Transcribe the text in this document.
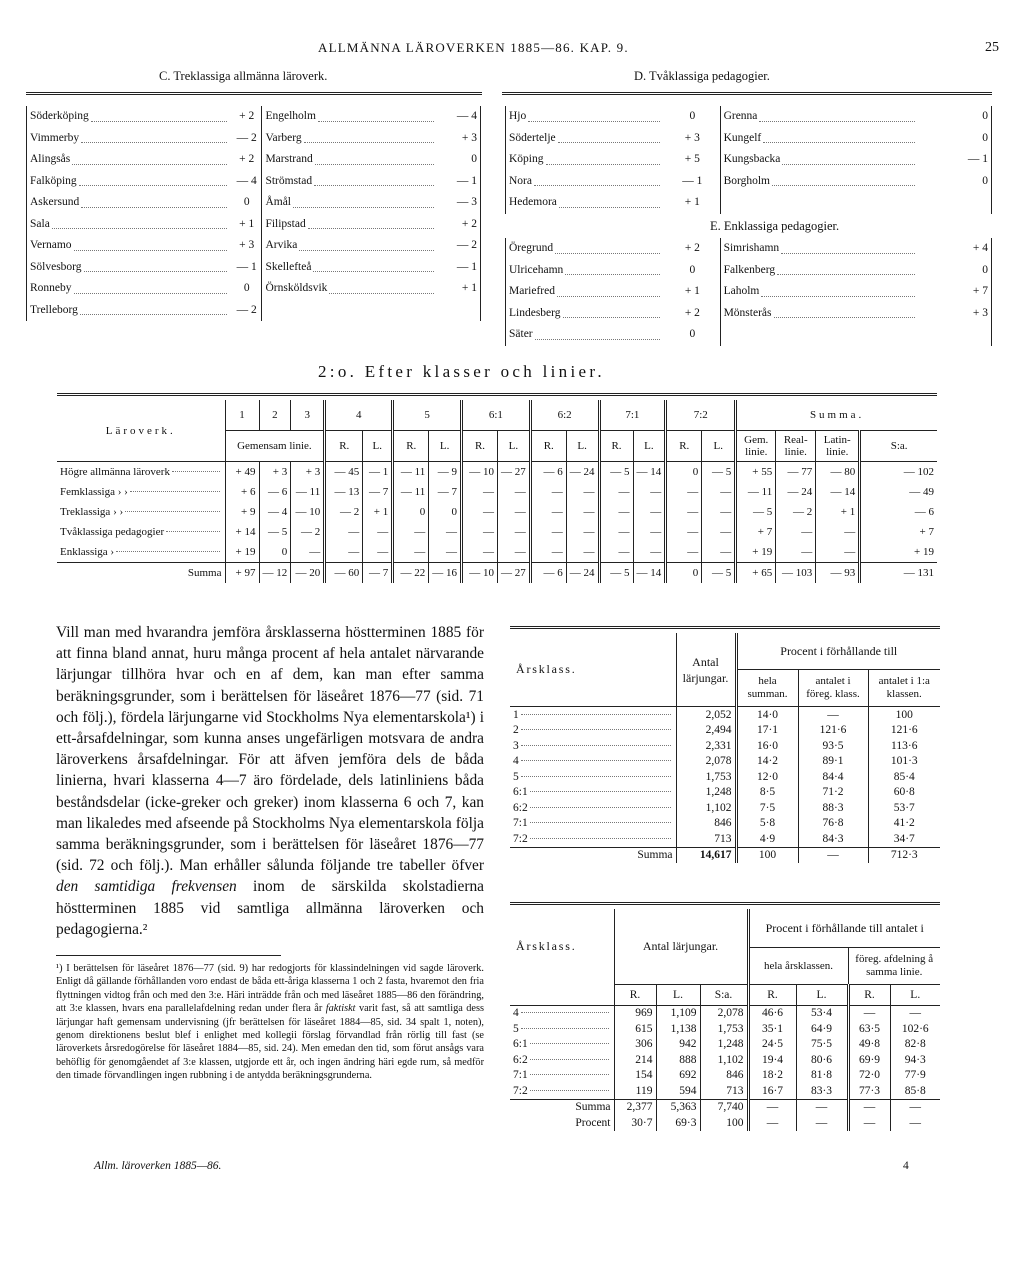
ALLMÄNNA LÄROVERKEN 1885—86. KAP. 9.	25
C. Treklassiga allmänna läroverk.
Söderköping	+ 2	Engelholm	— 4

Vimmerby	— 2	Varberg	+ 3

Alingsås	+ 2	Marstrand	0

Falköping	— 4	Strömstad	— 1

Askersund	0	Åmål	— 3

Sala	+ 1	Filipstad	+ 2

Vernamo	+ 3	Arvika	— 2

Sölvesborg	— 1	Skellefteå	— 1

Ronneby	0	Örnsköldsvik	+ 1

Trelleborg	— 2		
D. Tvåklassiga pedagogier.
Hjo	0	Grenna	0

Södertelje	+ 3	Kungelf	0

Köping	+ 5	Kungsbacka	— 1

Nora	— 1	Borgholm	0

Hedemora	+ 1		
E. Enklassiga pedagogier.
Öregrund	+ 2	Simrishamn	+ 4

Ulricehamn	0	Falkenberg	0

Mariefred	+ 1	Laholm	+ 7

Lindesberg	+ 2	Mönsterås	+ 3

Säter	0		
2:o. Efter klasser och linier.
Läroverk.	1	2	3	4		5		6:1		6:2		7:1		7:2		Summa.			
	Gemensam linie.			R.	L.	R.	L.	R.	L.	R.	L.	R.	L.	R.	L.	Gem. linie.	Real-linie.	Latin-linie.	S:a.

Högre allmänna läroverk	+ 49	+ 3	+ 3	— 45	— 1	— 11	— 9	— 10	— 27	— 6	— 24	— 5	— 14	0	— 5	+ 55	— 77	— 80	— 102

Femklassiga › ›	+ 6	— 6	— 11	— 13	— 7	— 11	— 7	—	—	—	—	—	—	—	—	— 11	— 24	— 14	— 49

Treklassiga › ›	+ 9	— 4	— 10	— 2	+ 1	0	0	—	—	—	—	—	—	—	—	— 5	— 2	+ 1	— 6

Tvåklassiga pedagogier	+ 14	— 5	— 2	—	—	—	—	—	—	—	—	—	—	—	—	+ 7	—	—	+ 7

Enklassiga ›	+ 19	0	—	—	—	—	—	—	—	—	—	—	—	—	—	+ 19	—	—	+ 19
Summa	+ 97	— 12	— 20	— 60	— 7	— 22	— 16	— 10	— 27	— 6	— 24	— 5	— 14	0	— 5	+ 65	— 103	— 93	— 131
Vill man med hvarandra jemföra årsklasserna höstterminen 1885 för att finna bland annat, huru många procent af hela antalet närvarande lärjungar tillhöra hvar och en af dem, kan man efter samma beräkningsgrunder, som i berättelsen för läseåret 1876—77 (sid. 71 och följ.), fördela lärjungarne vid Stockholms Nya elementarskola¹) i ett-årsafdelningar, som kunna anses ungefärligen motsvara de andra läroverkens årsafdelningar. För att äfven jemföra dels de båda linierna, hvari klasserna 4—7 äro fördelade, dels latinliniens båda beståndsdelar (icke-greker och greker) inom klasserna 6 och 7, kan man likaledes med afseende på Stockholms Nya elementarskola följa samma beräkningsgrunder, som i berättelsen för läseåret 1876—77 (sid. 72 och följ.). Man erhåller sålunda följande tre tabeller öfver den samtidiga frekvensen inom de särskilda skolstadierna höstterminen 1885 vid samtliga allmänna läroverken och pedagogierna.²
¹) I berättelsen för läseåret 1876—77 (sid. 9) har redogjorts för klassindelningen vid sagde läroverk. Enligt då gällande förhållanden voro endast de båda ett-åriga klasserna 1 och 2 fasta, hvaremot den fria flyttningen vidtog från och med den 3:e. Häri inträdde från och med läseåret 1885—86 den förändring, att 3:e klassen, hvars ena parallelafdelning redan under flera år faktiskt varit fast, så att samtliga dess lärjungar haft gemensam undervisning (jfr berättelsen för läseåret 1884—85, sid. 34 spalt 1, noten), genom direktionens beslut blef i enlighet med kollegii förslag förvandlad från rörlig till fast (se läroverkets årsredogörelse för läseåret 1884—85, sid. 24). Men emedan den tid, som förut ansågs vara behöflig för genomgåendet af 3:e klassen, utgjorde ett år, och ingen ändring häri egde rum, så medför den timade förvandlingen ingen rubbning i de antydda beräkningsgrunderna.
Allm. läroverken 1885—86.	4

Årsklass.	Antal lärjungar.	Procent i förhållande till		
		hela summan.	antalet i föreg. klass.	antalet i 1:a klassen.

1	2,052	14·0	—	100

2	2,494	17·1	121·6	121·6

3	2,331	16·0	93·5	113·6

4	2,078	14·2	89·1	101·3

5	1,753	12·0	84·4	85·4

6:1	1,248	8·5	71·2	60·8

6:2	1,102	7·5	88·3	53·7

7:1	846	5·8	76·8	41·2

7:2	713	4·9	84·3	34·7
Summa	14,617	100	—	712·3

Årsklass.	Antal lärjungar.			Procent i förhållande till antalet i			
				hela årsklassen.		föreg. afdelning å samma linie.	
	R.	L.	S:a.	R.	L.	R.	L.

4	969	1,109	2,078	46·6	53·4	—	—

5	615	1,138	1,753	35·1	64·9	63·5	102·6

6:1	306	942	1,248	24·5	75·5	49·8	82·8

6:2	214	888	1,102	19·4	80·6	69·9	94·3

7:1	154	692	846	18·2	81·8	72·0	77·9

7:2	119	594	713	16·7	83·3	77·3	85·8
Summa	2,377	5,363	7,740	—	—	—	—
Procent	30·7	69·3	100	—	—	—	—
